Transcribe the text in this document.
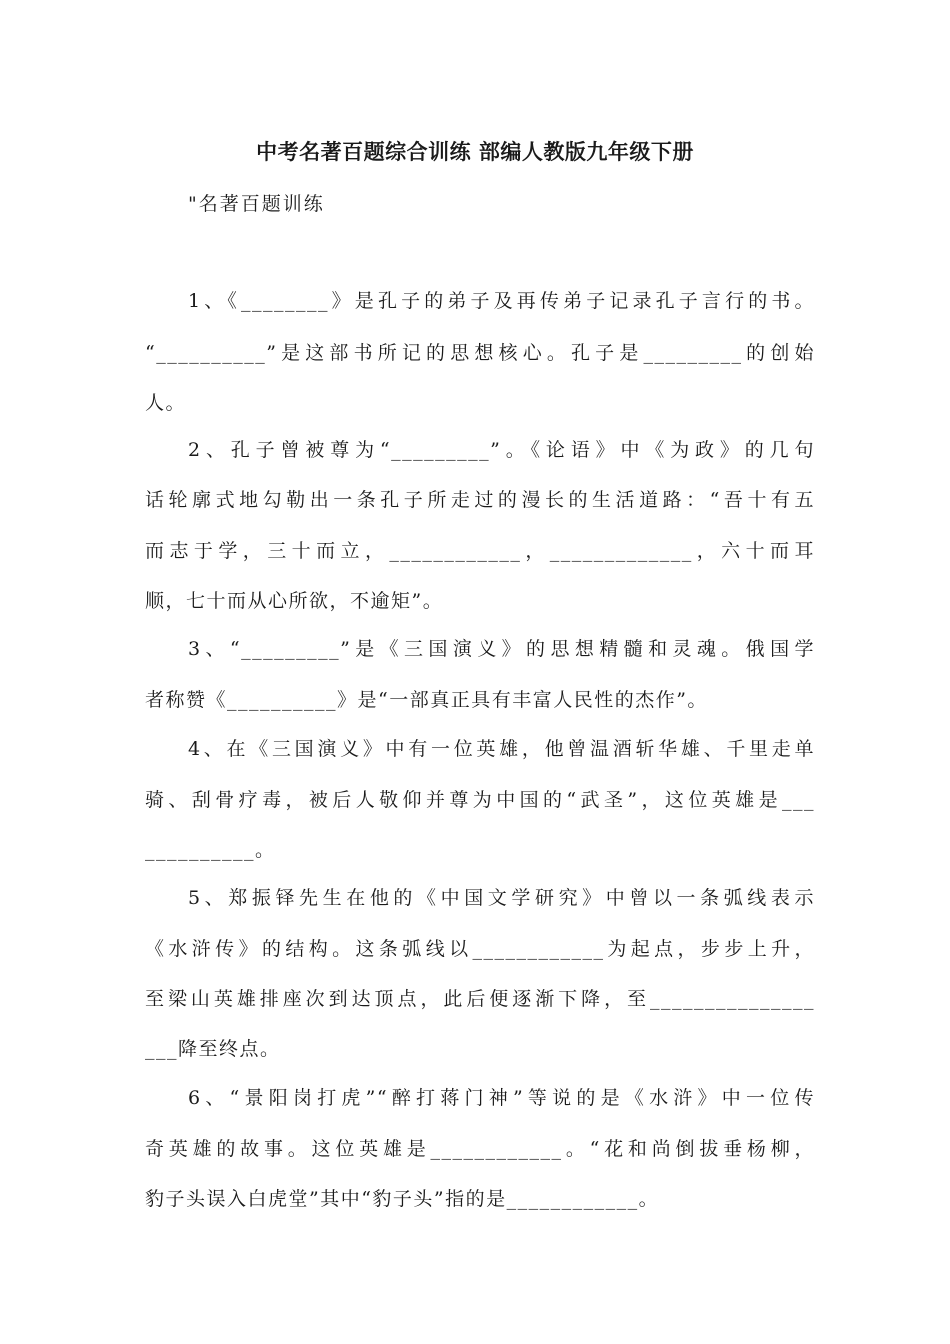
中考名著百题综合训练 部编人教版九年级下册
"名著百题训练
1、《________》是孔子的弟子及再传弟子记录孔子言行的书。
“__________”是这部书所记的思想核心。孔子是_________的创始
人。
2、孔子曾被尊为“_________”。《论语》中《为政》的几句
话轮廓式地勾勒出一条孔子所走过的漫长的生活道路：“吾十有五
而志于学，三十而立，____________，_____________，六十而耳
顺，七十而从心所欲，不逾矩”。
3、“_________”是《三国演义》的思想精髓和灵魂。俄国学
者称赞《__________》是“一部真正具有丰富人民性的杰作”。
4、在《三国演义》中有一位英雄，他曾温酒斩华雄、千里走单
骑、刮骨疗毒，被后人敬仰并尊为中国的“武圣”，这位英雄是___
__________。
5、郑振铎先生在他的《中国文学研究》中曾以一条弧线表示
《水浒传》的结构。这条弧线以____________为起点，步步上升，
至梁山英雄排座次到达顶点，此后便逐渐下降，至_______________
___降至终点。
6、“景阳岗打虎”“醉打蒋门神”等说的是《水浒》中一位传
奇英雄的故事。这位英雄是____________。“花和尚倒拔垂杨柳，
豹子头误入白虎堂”其中“豹子头”指的是____________。
